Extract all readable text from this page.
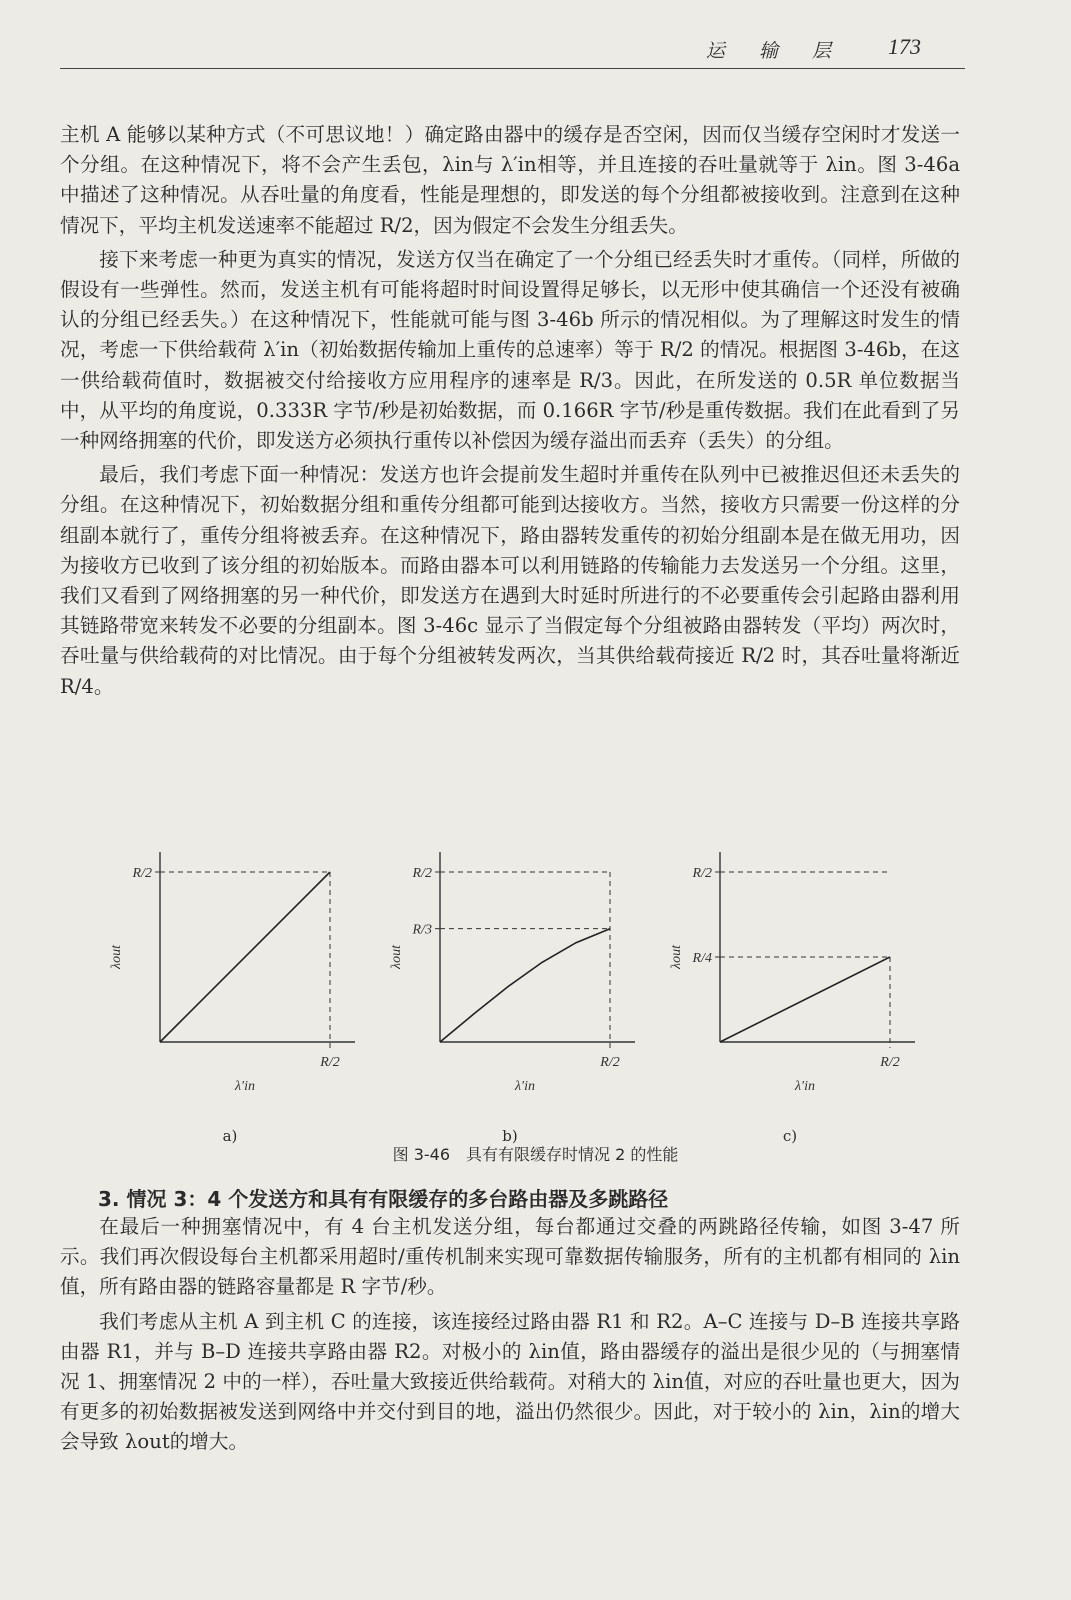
运 输 层 173

主机 A 能够以某种方式（不可思议地！）确定路由器中的缓存是否空闲，因而仅当缓存空闲时才发送一个分组。在这种情况下，将不会产生丢包，λin与 λ′in相等，并且连接的吞吐量就等于 λin。图 3-46a 中描述了这种情况。从吞吐量的角度看，性能是理想的，即发送的每个分组都被接收到。注意到在这种情况下，平均主机发送速率不能超过 R/2，因为假定不会发生分组丢失。

接下来考虑一种更为真实的情况，发送方仅当在确定了一个分组已经丢失时才重传。（同样，所做的假设有一些弹性。然而，发送主机有可能将超时时间设置得足够长，以无形中使其确信一个还没有被确认的分组已经丢失。）在这种情况下，性能就可能与图 3-46b 所示的情况相似。为了理解这时发生的情况，考虑一下供给载荷 λ′in（初始数据传输加上重传的总速率）等于 R/2 的情况。根据图 3-46b，在这一供给载荷值时，数据被交付给接收方应用程序的速率是 R/3。因此，在所发送的 0.5R 单位数据当中，从平均的角度说，0.333R 字节/秒是初始数据，而 0.166R 字节/秒是重传数据。我们在此看到了另一种网络拥塞的代价，即发送方必须执行重传以补偿因为缓存溢出而丢弃（丢失）的分组。

最后，我们考虑下面一种情况：发送方也许会提前发生超时并重传在队列中已被推迟但还未丢失的分组。在这种情况下，初始数据分组和重传分组都可能到达接收方。当然，接收方只需要一份这样的分组副本就行了，重传分组将被丢弃。在这种情况下，路由器转发重传的初始分组副本是在做无用功，因为接收方已收到了该分组的初始版本。而路由器本可以利用链路的传输能力去发送另一个分组。这里，我们又看到了网络拥塞的另一种代价，即发送方在遇到大时延时所进行的不必要重传会引起路由器利用其链路带宽来转发不必要的分组副本。图 3-46c 显示了当假定每个分组被路由器转发（平均）两次时，吞吐量与供给载荷的对比情况。由于每个分组被转发两次，当其供给载荷接近 R/2 时，其吞吐量将渐近 R/4。

R/2
R/2
λ′in
λout
a)
R/2
R/3
R/2
λ′in
λout
b)
R/2
R/4
R/2
λ′in
λout
c)
图 3-46　具有有限缓存时情况 2 的性能
3. 情况 3：4 个发送方和具有有限缓存的多台路由器及多跳路径

在最后一种拥塞情况中，有 4 台主机发送分组，每台都通过交叠的两跳路径传输，如图 3-47 所示。我们再次假设每台主机都采用超时/重传机制来实现可靠数据传输服务，所有的主机都有相同的 λin值，所有路由器的链路容量都是 R 字节/秒。

我们考虑从主机 A 到主机 C 的连接，该连接经过路由器 R1 和 R2。A–C 连接与 D–B 连接共享路由器 R1，并与 B–D 连接共享路由器 R2。对极小的 λin值，路由器缓存的溢出是很少见的（与拥塞情况 1、拥塞情况 2 中的一样），吞吐量大致接近供给载荷。对稍大的 λin值，对应的吞吐量也更大，因为有更多的初始数据被发送到网络中并交付到目的地，溢出仍然很少。因此，对于较小的 λin，λin的增大会导致 λout的增大。
